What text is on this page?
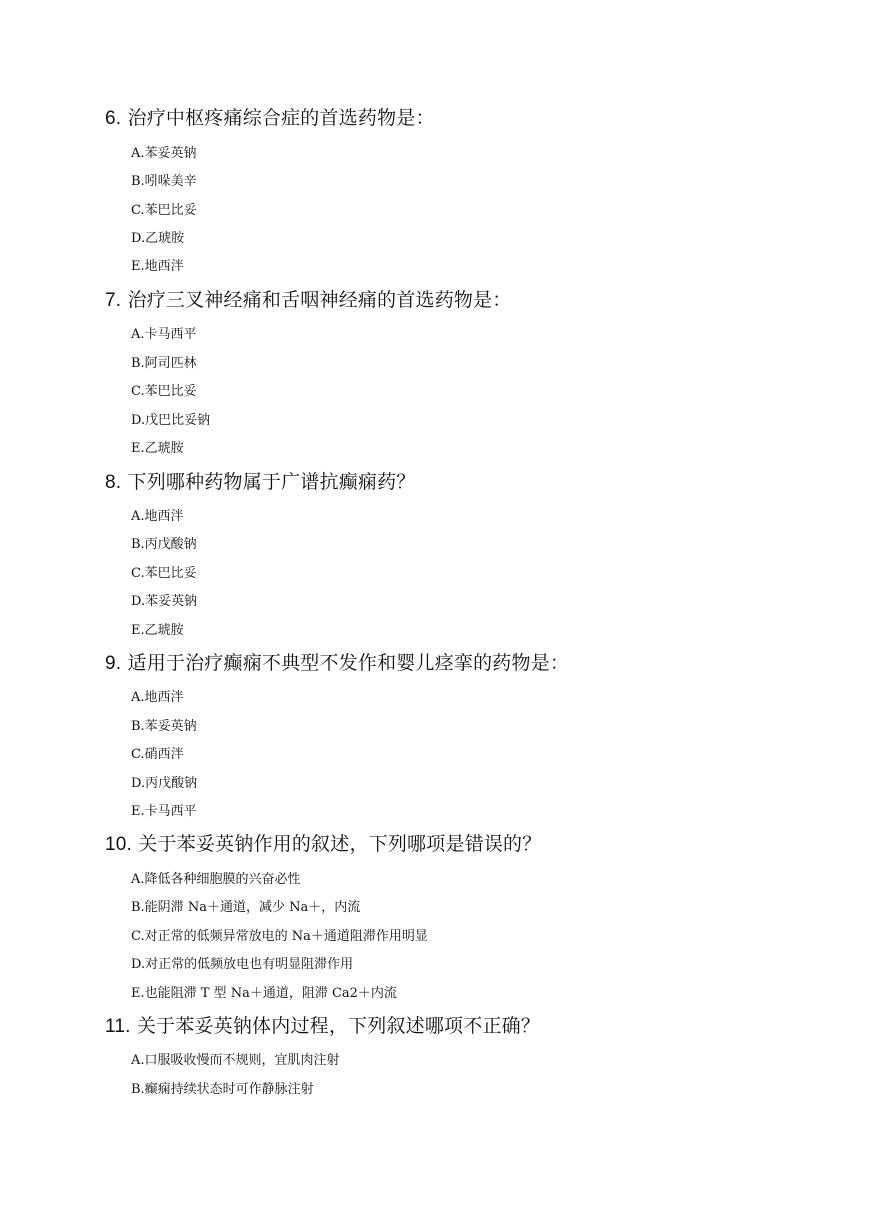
6. 治疗中枢疼痛综合症的首选药物是：
A.苯妥英钠
B.吲哚美辛
C.苯巴比妥
D.乙琥胺
E.地西泮
7. 治疗三叉神经痛和舌咽神经痛的首选药物是：
A.卡马西平
B.阿司匹林
C.苯巴比妥
D.戊巴比妥钠
E.乙琥胺
8. 下列哪种药物属于广谱抗癫痫药？
A.地西泮
B.丙戊酸钠
C.苯巴比妥
D.苯妥英钠
E.乙琥胺
9. 适用于治疗癫痫不典型不发作和婴儿痉挛的药物是：
A.地西泮
B.苯妥英钠
C.硝西泮
D.丙戊酸钠
E.卡马西平
10. 关于苯妥英钠作用的叙述，下列哪项是错误的？
A.降低各种细胞膜的兴奋必性
B.能阴滞 Na＋通道，减少 Na＋，内流
C.对正常的低频异常放电的 Na＋通道阻滞作用明显
D.对正常的低频放电也有明显阻滞作用
E.也能阻滞 T 型 Na＋通道，阻滞 Ca2＋内流
11. 关于苯妥英钠体内过程，下列叙述哪项不正确？
A.口服吸收慢而不规则，宜肌肉注射
B.癫痫持续状态时可作静脉注射
